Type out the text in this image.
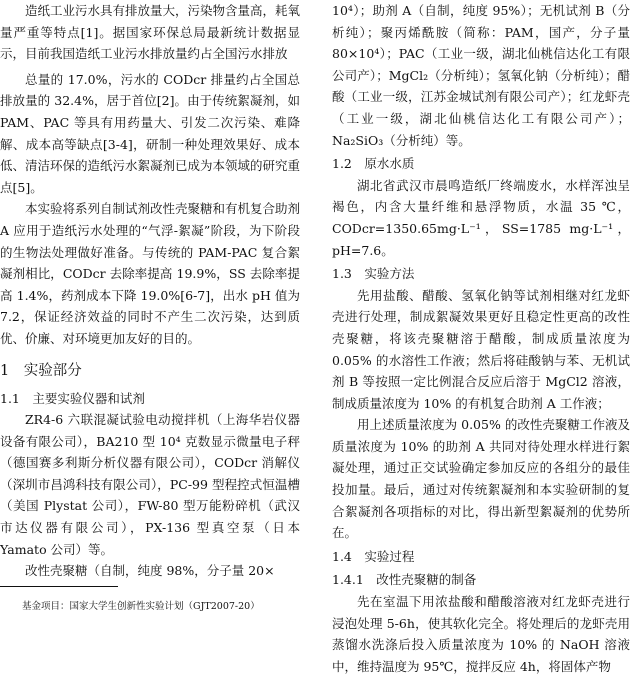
造纸工业污水具有排放量大，污染物含量高，耗氧量严重等特点[1]。据国家环保总局最新统计数据显示，目前我国造纸工业污水排放量约占全国污水排放

总量的 17.0%，污水的 CODcr 排量约占全国总排放量的 32.4%，居于首位[2]。由于传统絮凝剂，如 PAM、PAC 等具有用药量大、引发二次污染、难降解、成本高等缺点[3-4]，研制一种处理效果好、成本低、清洁环保的造纸污水絮凝剂已成为本领域的研究重点[5]。

本实验将系列自制试剂改性壳聚糖和有机复合助剂 A 应用于造纸污水处理的“气浮-絮凝”阶段，为下阶段的生物法处理做好准备。与传统的 PAM-PAC 复合絮凝剂相比，CODcr 去除率提高 19.9%，SS 去除率提高 1.4%，药剂成本下降 19.0%[6-7]，出水 pH 值为 7.2，保证经济效益的同时不产生二次污染，达到质优、价廉、对环境更加友好的目的。

1　实验部分
1.1　主要实验仪器和试剂

ZR4-6 六联混凝试验电动搅拌机（上海华岩仪器设备有限公司），BA210 型 10⁴ 克数显示微量电子秤（德国赛多利斯分析仪器有限公司），CODcr 消解仪（深圳市昌鸿科技有限公司），PC-99 型程控式恒温槽（美国 Plystat 公司），FW-80 型万能粉碎机（武汉市达仪器有限公司），PX-136 型真空泵（日本 Yamato 公司）等。

改性壳聚糖（自制，纯度 98%，分子量 20×

基金项目：国家大学生创新性实验计划（GJT2007-20）

10⁴）；助剂 A（自制，纯度 95%）；无机试剂 B（分析纯）；聚丙烯酰胺（简称：PAM，国产，分子量 80×10⁴）；PAC（工业一级，湖北仙桃信达化工有限公司产）；MgCl₂（分析纯）；氢氧化钠（分析纯）；醋酸（工业一级，江苏金城试剂有限公司产）；红龙虾壳（工业一级，湖北仙桃信达化工有限公司产）；Na₂SiO₃（分析纯）等。

1.2　原水水质

湖北省武汉市晨鸣造纸厂终端废水，水样浑浊呈褐色，内含大量纤维和悬浮物质，水温 35 ℃，CODcr=1350.65mg·L⁻¹，SS=1785 mg·L⁻¹，pH=7.6。

1.3　实验方法

先用盐酸、醋酸、氢氧化钠等试剂相继对红龙虾壳进行处理，制成絮凝效果更好且稳定性更高的改性壳聚糖，将该壳聚糖溶于醋酸，制成质量浓度为 0.05% 的水溶性工作液；然后将硅酸钠与苯、无机试剂 B 等按照一定比例混合反应后溶于 MgCl2 溶液，制成质量浓度为 10% 的有机复合助剂 A 工作液；

用上述质量浓度为 0.05% 的改性壳聚糖工作液及质量浓度为 10% 的助剂 A 共同对待处理水样进行絮凝处理，通过正交试验确定参加反应的各组分的最佳投加量。最后，通过对传统絮凝剂和本实验研制的复合絮凝剂各项指标的对比，得出新型絮凝剂的优势所在。

1.4　实验过程
1.4.1　改性壳聚糖的制备

先在室温下用浓盐酸和醋酸溶液对红龙虾壳进行浸泡处理 5-6h，使其软化完全。将处理后的龙虾壳用蒸馏水洗涤后投入质量浓度为 10% 的 NaOH 溶液中，维持温度为 95℃，搅拌反应 4h，将固体产物
